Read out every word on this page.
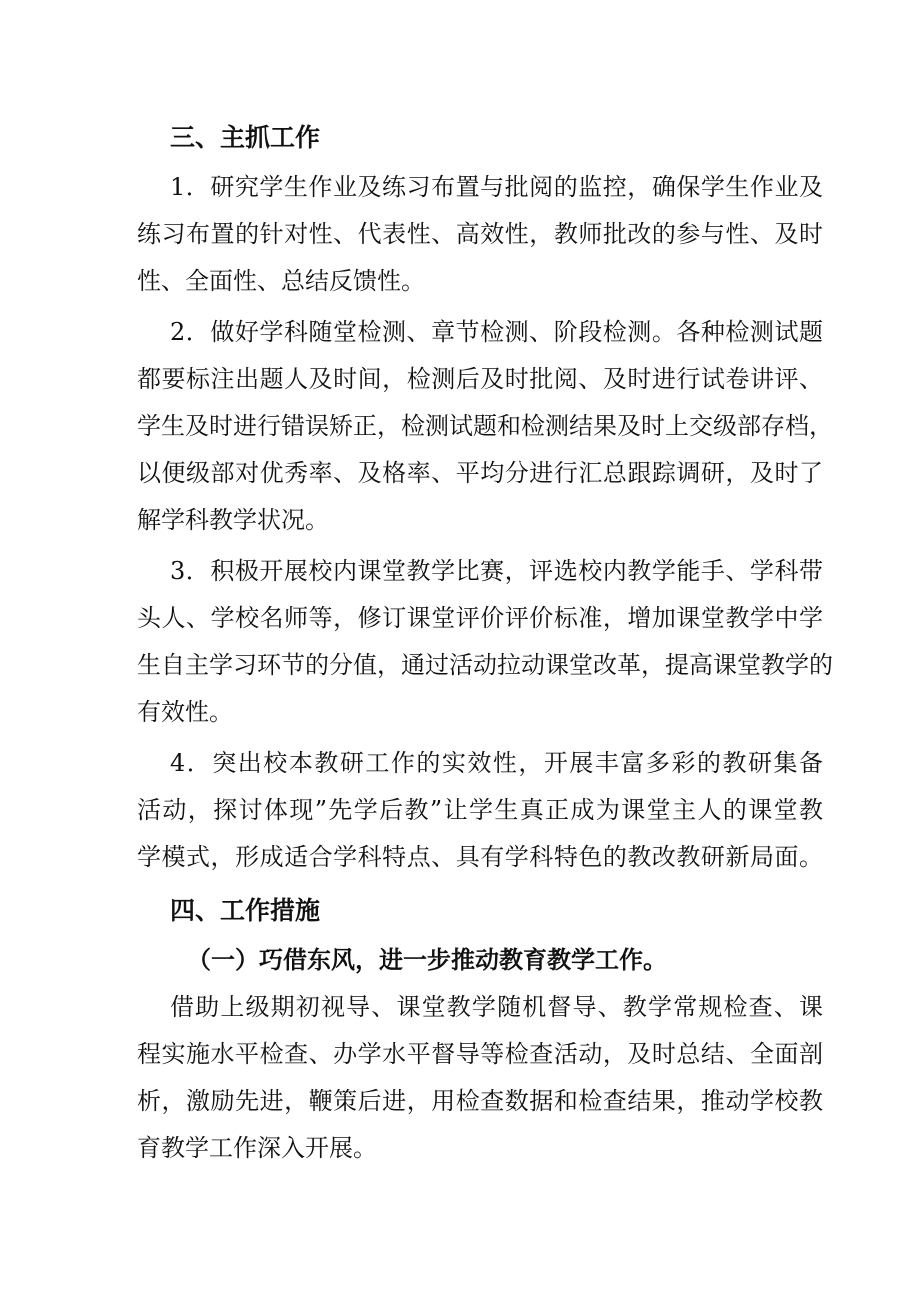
三、主抓工作
1．研究学生作业及练习布置与批阅的监控，确保学生作业及
练习布置的针对性、代表性、高效性，教师批改的参与性、及时
性、全面性、总结反馈性。
2．做好学科随堂检测、章节检测、阶段检测。各种检测试题
都要标注出题人及时间，检测后及时批阅、及时进行试卷讲评、
学生及时进行错误矫正，检测试题和检测结果及时上交级部存档，
以便级部对优秀率、及格率、平均分进行汇总跟踪调研，及时了
解学科教学状况。
3．积极开展校内课堂教学比赛，评选校内教学能手、学科带
头人、学校名师等，修订课堂评价评价标准，增加课堂教学中学
生自主学习环节的分值，通过活动拉动课堂改革，提高课堂教学的
有效性。
4．突出校本教研工作的实效性，开展丰富多彩的教研集备
活动，探讨体现”先学后教”让学生真正成为课堂主人的课堂教
学模式，形成适合学科特点、具有学科特色的教改教研新局面。
四、工作措施
（一）巧借东风，进一步推动教育教学工作。
借助上级期初视导、课堂教学随机督导、教学常规检查、课
程实施水平检查、办学水平督导等检查活动，及时总结、全面剖
析，激励先进，鞭策后进，用检查数据和检查结果，推动学校教
育教学工作深入开展。
